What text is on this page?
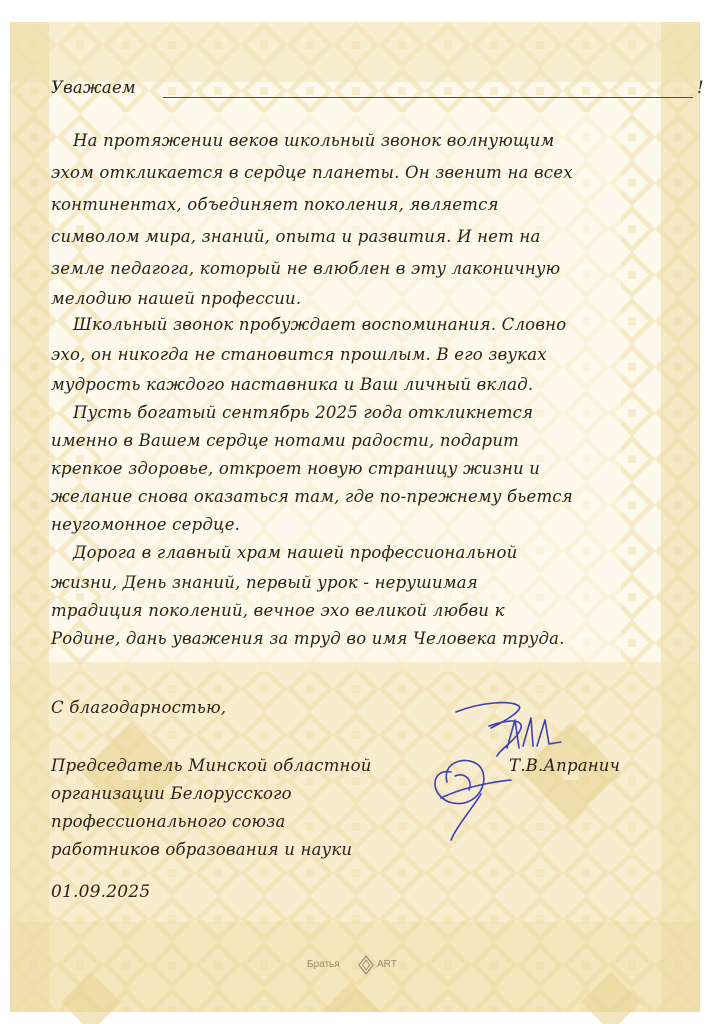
Уважаем	!
На протяжении веков школьный звонок волнующим
эхом откликается в сердце планеты. Он звенит на всех
континентах, объединяет поколения, является
символом мира, знаний, опыта и развития. И нет на
земле педагога, который не влюблен в эту лаконичную
мелодию нашей профессии.
Школьный звонок пробуждает воспоминания. Словно
эхо, он никогда не становится прошлым. В его звуках
мудрость каждого наставника и Ваш личный вклад.
Пусть богатый сентябрь 2025 года откликнется
именно в Вашем сердце нотами радости, подарит
крепкое здоровье, откроет новую страницу жизни и
желание снова оказаться там, где по-прежнему бьется
неугомонное сердце.
Дорога в главный храм нашей профессиональной
жизни, День знаний, первый урок - нерушимая
традиция поколений, вечное эхо великой любви к
Родине, дань уважения за труд во имя Человека труда.
С благодарностью,
Председатель Минской областной
организации Белорусского
профессионального союза
работников образования и науки
Т.В.Апранич
01.09.2025
Братья	ART
